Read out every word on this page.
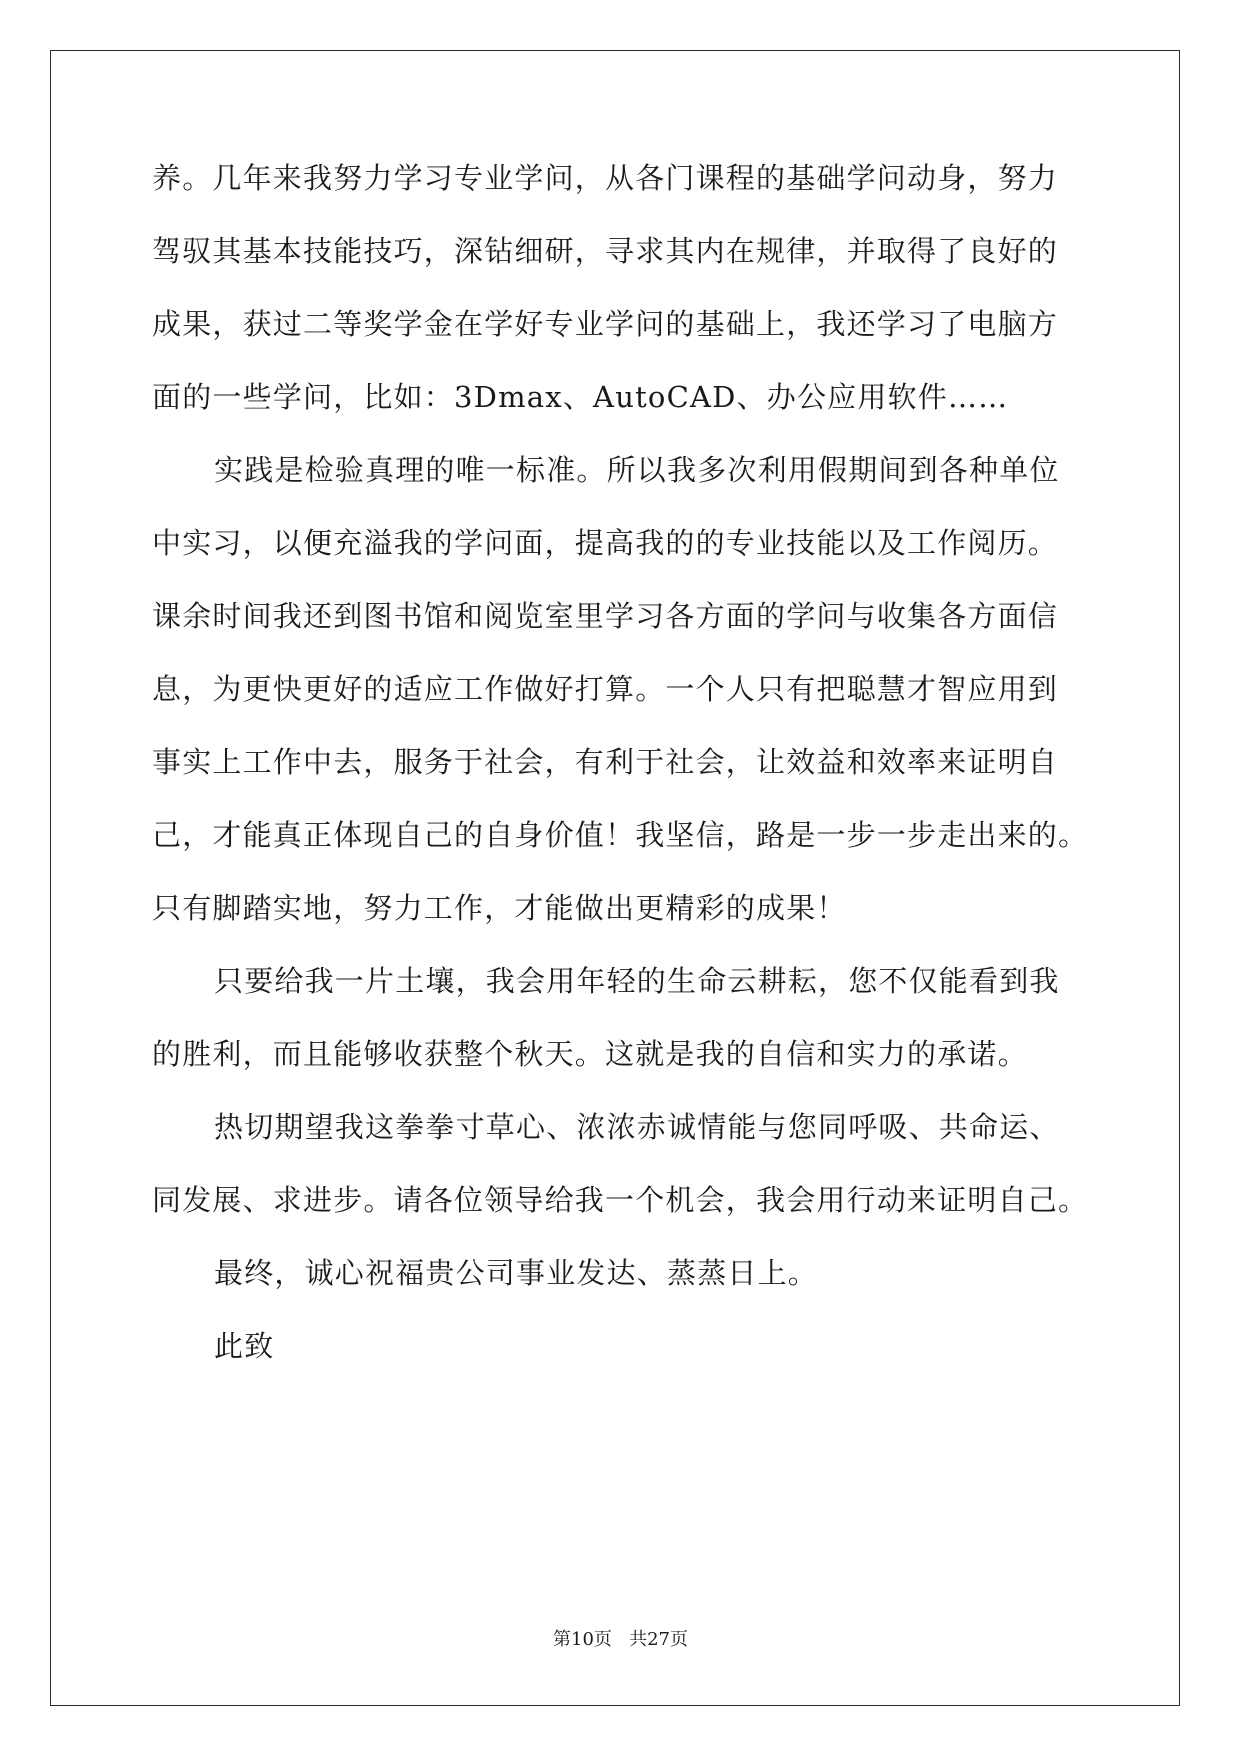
养。几年来我努力学习专业学问，从各门课程的基础学问动身，努力
驾驭其基本技能技巧，深钻细研，寻求其内在规律，并取得了良好的
成果，获过二等奖学金在学好专业学问的基础上，我还学习了电脑方
面的一些学问，比如：3Dmax、AutoCAD、办公应用软件……
实践是检验真理的唯一标准。所以我多次利用假期间到各种单位
中实习，以便充溢我的学问面，提高我的的专业技能以及工作阅历。
课余时间我还到图书馆和阅览室里学习各方面的学问与收集各方面信
息，为更快更好的适应工作做好打算。一个人只有把聪慧才智应用到
事实上工作中去，服务于社会，有利于社会，让效益和效率来证明自
己，才能真正体现自己的自身价值！我坚信，路是一步一步走出来的。
只有脚踏实地，努力工作，才能做出更精彩的成果！
只要给我一片土壤，我会用年轻的生命云耕耘，您不仅能看到我
的胜利，而且能够收获整个秋天。这就是我的自信和实力的承诺。
热切期望我这拳拳寸草心、浓浓赤诚情能与您同呼吸、共命运、
同发展、求进步。请各位领导给我一个机会，我会用行动来证明自己。
最终，诚心祝福贵公司事业发达、蒸蒸日上。
此致
第10页   共27页
